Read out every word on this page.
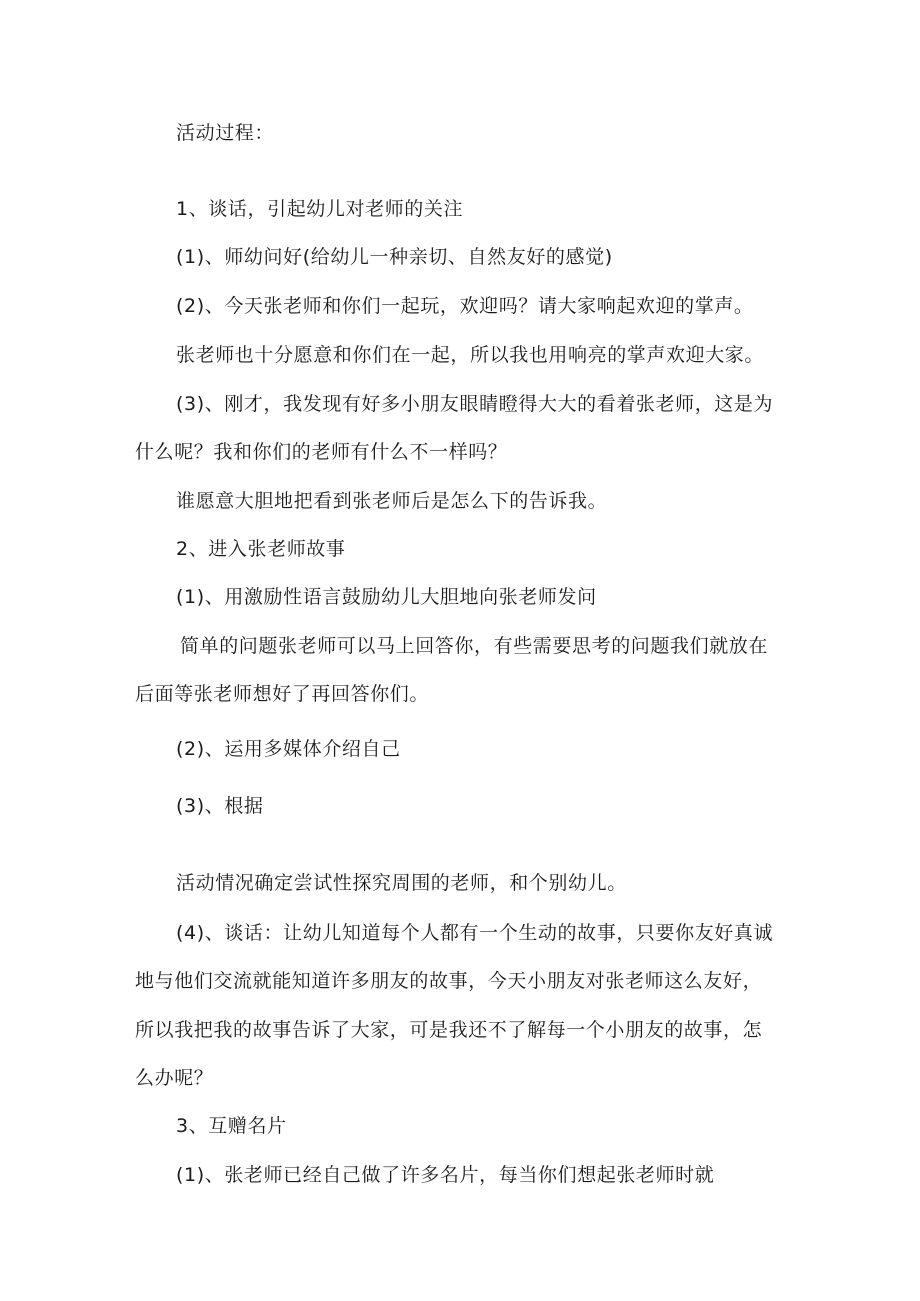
活动过程：
1、谈话，引起幼儿对老师的关注
(1)、师幼问好(给幼儿一种亲切、自然友好的感觉)
(2)、今天张老师和你们一起玩，欢迎吗？请大家响起欢迎的掌声。
张老师也十分愿意和你们在一起，所以我也用响亮的掌声欢迎大家。
(3)、刚才，我发现有好多小朋友眼睛瞪得大大的看着张老师，这是为
什么呢？我和你们的老师有什么不一样吗？
谁愿意大胆地把看到张老师后是怎么下的告诉我。
2、进入张老师故事
(1)、用激励性语言鼓励幼儿大胆地向张老师发问
简单的问题张老师可以马上回答你，有些需要思考的问题我们就放在
后面等张老师想好了再回答你们。
(2)、运用多媒体介绍自己
(3)、根据
活动情况确定尝试性探究周围的老师，和个别幼儿。
(4)、谈话：让幼儿知道每个人都有一个生动的故事，只要你友好真诚
地与他们交流就能知道许多朋友的故事，今天小朋友对张老师这么友好，
所以我把我的故事告诉了大家，可是我还不了解每一个小朋友的故事，怎
么办呢？
3、互赠名片
(1)、张老师已经自己做了许多名片，每当你们想起张老师时就
